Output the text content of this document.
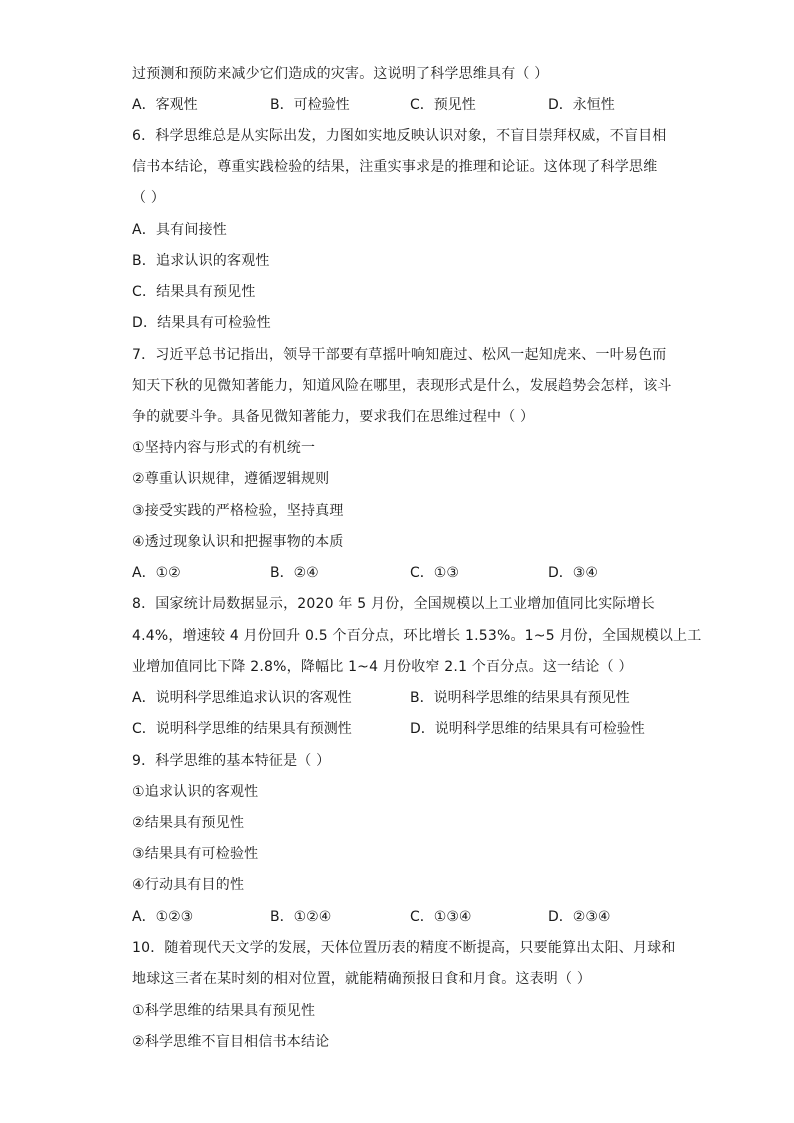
过预测和预防来减少它们造成的灾害。这说明了科学思维具有（ ）
A．客观性	B．可检验性	C．预见性	D．永恒性
6．科学思维总是从实际出发，力图如实地反映认识对象，不盲目崇拜权威，不盲目相
信书本结论，尊重实践检验的结果，注重实事求是的推理和论证。这体现了科学思维
（ ）
A．具有间接性
B．追求认识的客观性
C．结果具有预见性
D．结果具有可检验性
7．习近平总书记指出，领导干部要有草摇叶响知鹿过、松风一起知虎来、一叶易色而
知天下秋的见微知著能力，知道风险在哪里，表现形式是什么，发展趋势会怎样，该斗
争的就要斗争。具备见微知著能力，要求我们在思维过程中（ ）
①坚持内容与形式的有机统一
②尊重认识规律，遵循逻辑规则
③接受实践的严格检验，坚持真理
④透过现象认识和把握事物的本质
A．①②	B．②④	C．①③	D．③④
8．国家统计局数据显示，2020 年 5 月份，全国规模以上工业增加值同比实际增长
4.4%，增速较 4 月份回升 0.5 个百分点，环比增长 1.53%。1~5 月份，全国规模以上工
业增加值同比下降 2.8%，降幅比 1~4 月份收窄 2.1 个百分点。这一结论（ ）
A．说明科学思维追求认识的客观性	B．说明科学思维的结果具有预见性
C．说明科学思维的结果具有预测性	D．说明科学思维的结果具有可检验性
9．科学思维的基本特征是（ ）
①追求认识的客观性
②结果具有预见性
③结果具有可检验性
④行动具有目的性
A．①②③	B．①②④	C．①③④	D．②③④
10．随着现代天文学的发展，天体位置历表的精度不断提高，只要能算出太阳、月球和
地球这三者在某时刻的相对位置，就能精确预报日食和月食。这表明（ ）
①科学思维的结果具有预见性
②科学思维不盲目相信书本结论
